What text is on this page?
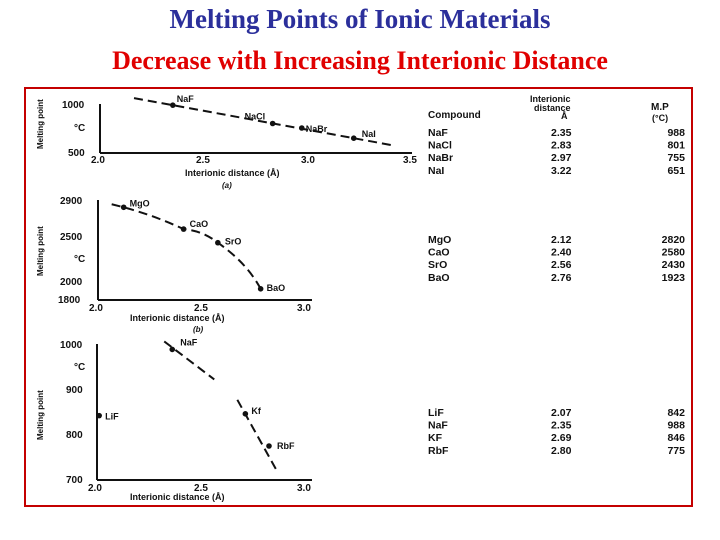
Melting Points of Ionic Materials
Decrease with Increasing Interionic Distance
1000
°C
500
2.0	2.5	3.0	3.5
Interionic distance (Å)
(a)
Melting point
2900
2500
°C
2000
1800
2.0	2.5	3.0
Interionic distance (Å)
(b)
Melting point
1000
°C
900
800
700
2.0	2.5	3.0
Interionic distance (Å)
Melting point
Compound
Interionic
distance
Å
M.P
(°C)
NaF
NaCl
NaBr
NaI
MgO
CaO
SrO
BaO
LiF
NaF
Kf
RbF
NaF	2.35	988
NaCl	2.83	801
NaBr	2.97	755
NaI	3.22	651
MgO	2.12	2820
CaO	2.40	2580
SrO	2.56	2430
BaO	2.76	1923
LiF	2.07	842
NaF	2.35	988
KF	2.69	846
RbF	2.80	775
